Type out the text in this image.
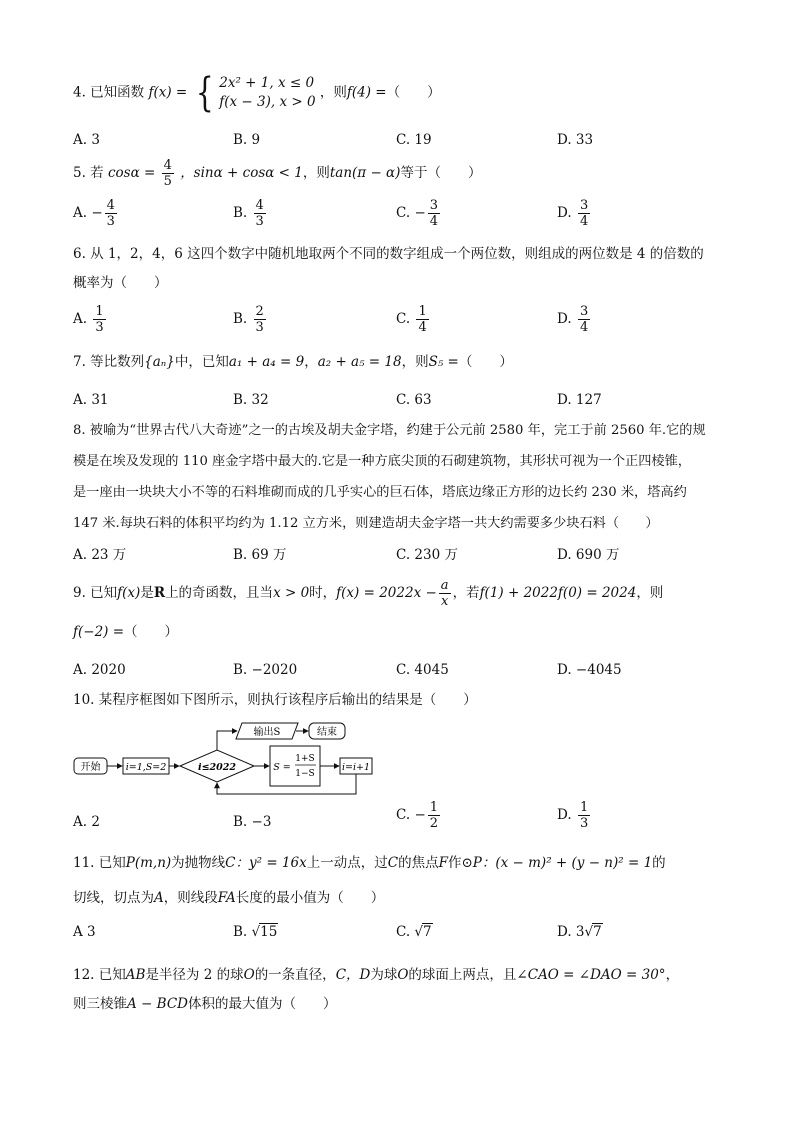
4. 已知函数 f(x) = { 2x² + 1, x ≤ 0
f(x − 3), x > 0
，则f(4) =（　　）
A. 3	B. 9	C. 19	D. 33
5. 若 $\cos\alpha = \frac{4}{5}$ ，sinα + cosα < 1，则tan(π − α)等于（　　）
A. − $\frac{4}{3}$	B. $\frac{4}{3}$	C. − $\frac{3}{4}$	D. $\frac{3}{4}$
6. 从 1，2，4，6 这四个数字中随机地取两个不同的数字组成一个两位数，则组成的两位数是 4 的倍数的
概率为（　　）
A. $\frac{1}{3}$	B. $\frac{2}{3}$	C. $\frac{1}{4}$	D. $\frac{3}{4}$
7. 等比数列{aₙ}中，已知a₁ + a₄ = 9，a₂ + a₅ = 18，则S₅ =（　　）
A. 31	B. 32	C. 63	D. 127
8. 被喻为“世界古代八大奇迹”之一的古埃及胡夫金字塔，约建于公元前 2580 年，完工于前 2560 年.它的规
模是在埃及发现的 110 座金字塔中最大的.它是一种方底尖顶的石砌建筑物，其形状可视为一个正四棱锥，
是一座由一块块大小不等的石料堆砌而成的几乎实心的巨石体，塔底边缘正方形的边长约 230 米，塔高约
147 米.每块石料的体积平均约为 1.12 立方米，则建造胡夫金字塔一共大约需要多少块石料（　　）
A. 23 万	B. 69 万	C. 230 万	D. 690 万
9. 已知f(x)是R上的奇函数，且当x > 0时，$f(x) = 2022x - \frac{a}{x}$ ，若f(1) + 2022f(0) = 2024，则
f(−2) =（　　）
A. 2020	B. −2020	C. 4045	D. −4045
10. 某程序框图如下图所示，则执行该程序后输出的结果是（　　）
开始	i=1,S=2	i≤2022	S =
1+S
1−S
i=i+1
输出S	结束
A. 2	B. −3	C. − $\frac{1}{2}$	D. $\frac{1}{3}$
11. 已知P(m,n)为抛物线C：y² = 16x上一动点，过C的焦点F作⊙P：(x − m)² + (y − n)² = 1的
切线，切点为A，则线段FA长度的最小值为（　　）
A 3	B. √15	C. √7	D. 3√7
12. 已知AB是半径为 2 的球O的一条直径，C，D为球O的球面上两点，且∠CAO = ∠DAO = 30°，
则三棱锥A − BCD体积的最大值为（　　）
